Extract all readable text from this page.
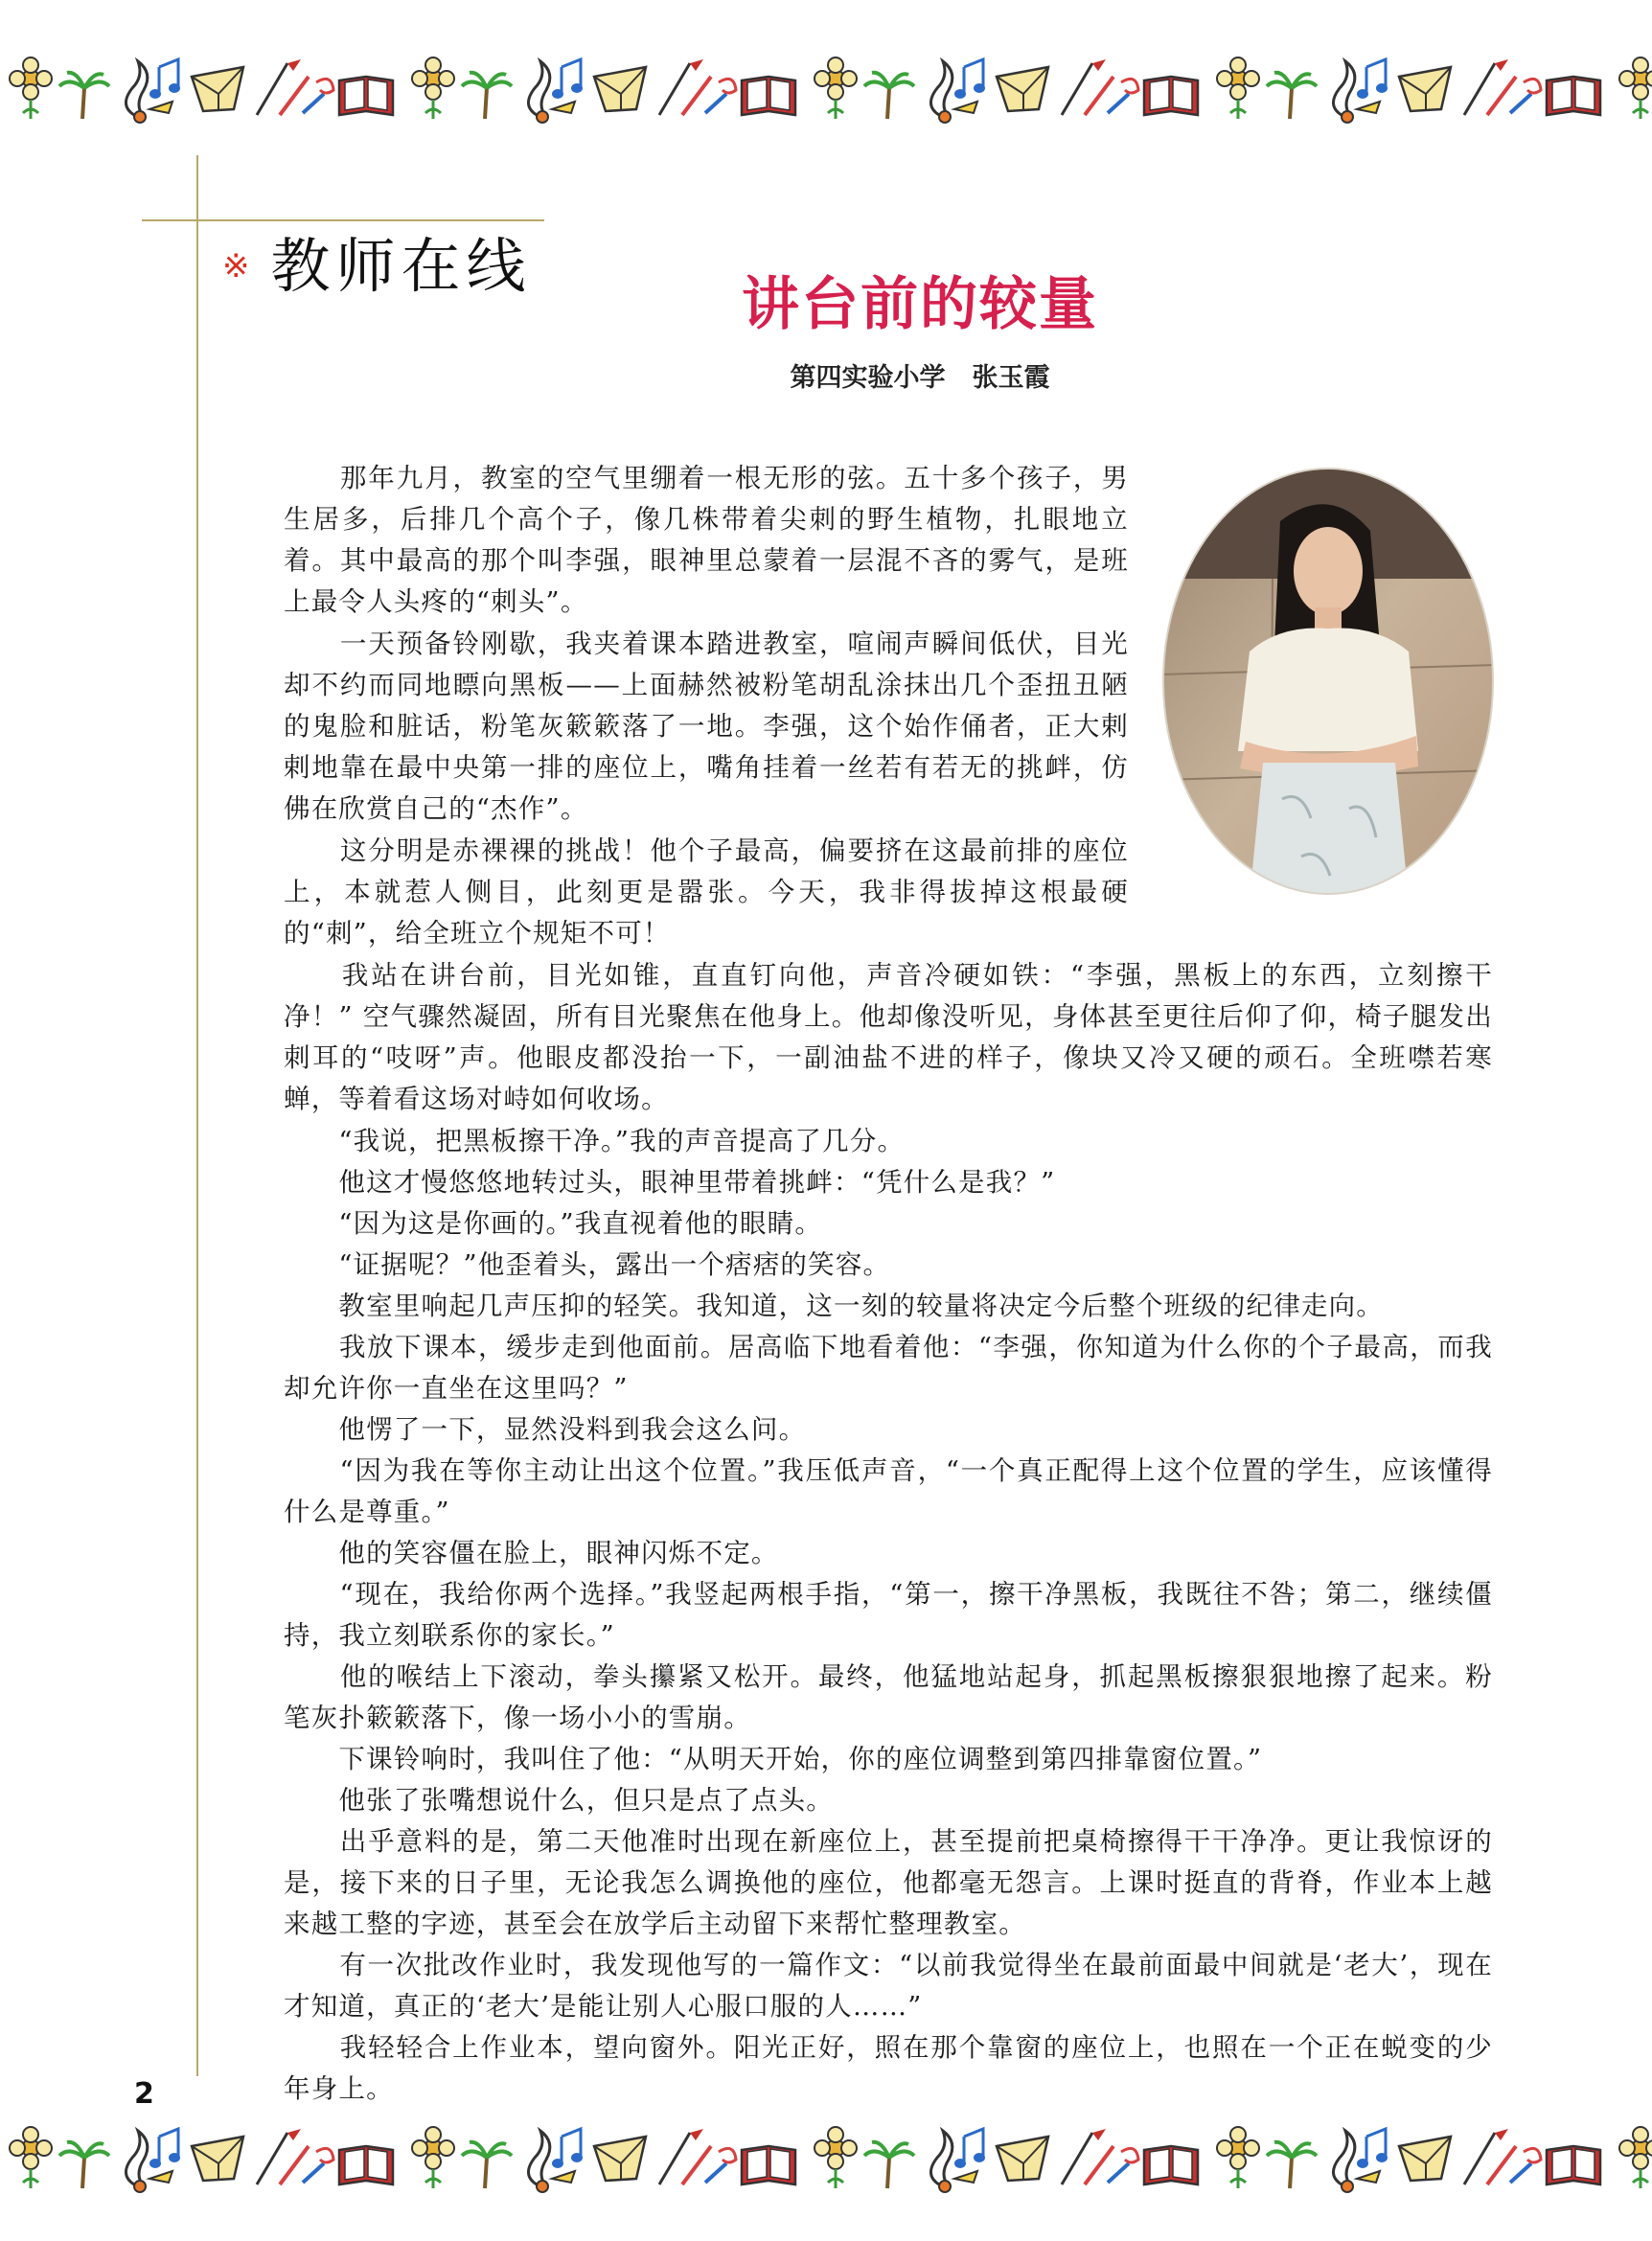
※ 教师在线
讲台前的较量
第四实验小学 张玉霞

　　那年九月，教室的空气里绷着一根无形的弦。五十多个孩子，男生居多，后排几个高个子，像几株带着尖刺的野生植物，扎眼地立着。其中最高的那个叫李强，眼神里总蒙着一层混不吝的雾气，是班上最令人头疼的“刺头”。

　　一天预备铃刚歇，我夹着课本踏进教室，喧闹声瞬间低伏，目光却不约而同地瞟向黑板——上面赫然被粉笔胡乱涂抹出几个歪扭丑陋的鬼脸和脏话，粉笔灰簌簌落了一地。李强，这个始作俑者，正大剌剌地靠在最中央第一排的座位上，嘴角挂着一丝若有若无的挑衅，仿佛在欣赏自己的“杰作”。

　　这分明是赤裸裸的挑战！他个子最高，偏要挤在这最前排的座位上，本就惹人侧目，此刻更是嚣张。今天，我非得拔掉这根最硬的“刺”，给全班立个规矩不可！

　　我站在讲台前，目光如锥，直直钉向他，声音冷硬如铁：“李强，黑板上的东西，立刻擦干净！” 空气骤然凝固，所有目光聚焦在他身上。他却像没听见，身体甚至更往后仰了仰，椅子腿发出刺耳的“吱呀”声。他眼皮都没抬一下，一副油盐不进的样子，像块又冷又硬的顽石。全班噤若寒蝉，等着看这场对峙如何收场。

　　“我说，把黑板擦干净。”我的声音提高了几分。

　　他这才慢悠悠地转过头，眼神里带着挑衅：“凭什么是我？”

　　“因为这是你画的。”我直视着他的眼睛。

　　“证据呢？”他歪着头，露出一个痞痞的笑容。

　　教室里响起几声压抑的轻笑。我知道，这一刻的较量将决定今后整个班级的纪律走向。

　　我放下课本，缓步走到他面前。居高临下地看着他：“李强，你知道为什么你的个子最高，而我却允许你一直坐在这里吗？”

　　他愣了一下，显然没料到我会这么问。

　　“因为我在等你主动让出这个位置。”我压低声音，“一个真正配得上这个位置的学生，应该懂得什么是尊重。”

　　他的笑容僵在脸上，眼神闪烁不定。

　　“现在，我给你两个选择。”我竖起两根手指，“第一，擦干净黑板，我既往不咎；第二，继续僵持，我立刻联系你的家长。”

　　他的喉结上下滚动，拳头攥紧又松开。最终，他猛地站起身，抓起黑板擦狠狠地擦了起来。粉笔灰扑簌簌落下，像一场小小的雪崩。

　　下课铃响时，我叫住了他：“从明天开始，你的座位调整到第四排靠窗位置。”

　　他张了张嘴想说什么，但只是点了点头。

　　出乎意料的是，第二天他准时出现在新座位上，甚至提前把桌椅擦得干干净净。更让我惊讶的是，接下来的日子里，无论我怎么调换他的座位，他都毫无怨言。上课时挺直的背脊，作业本上越来越工整的字迹，甚至会在放学后主动留下来帮忙整理教室。

　　有一次批改作业时，我发现他写的一篇作文：“以前我觉得坐在最前面最中间就是‘老大’，现在才知道，真正的‘老大’是能让别人心服口服的人……”

　　我轻轻合上作业本，望向窗外。阳光正好，照在那个靠窗的座位上，也照在一个正在蜕变的少年身上。

2
